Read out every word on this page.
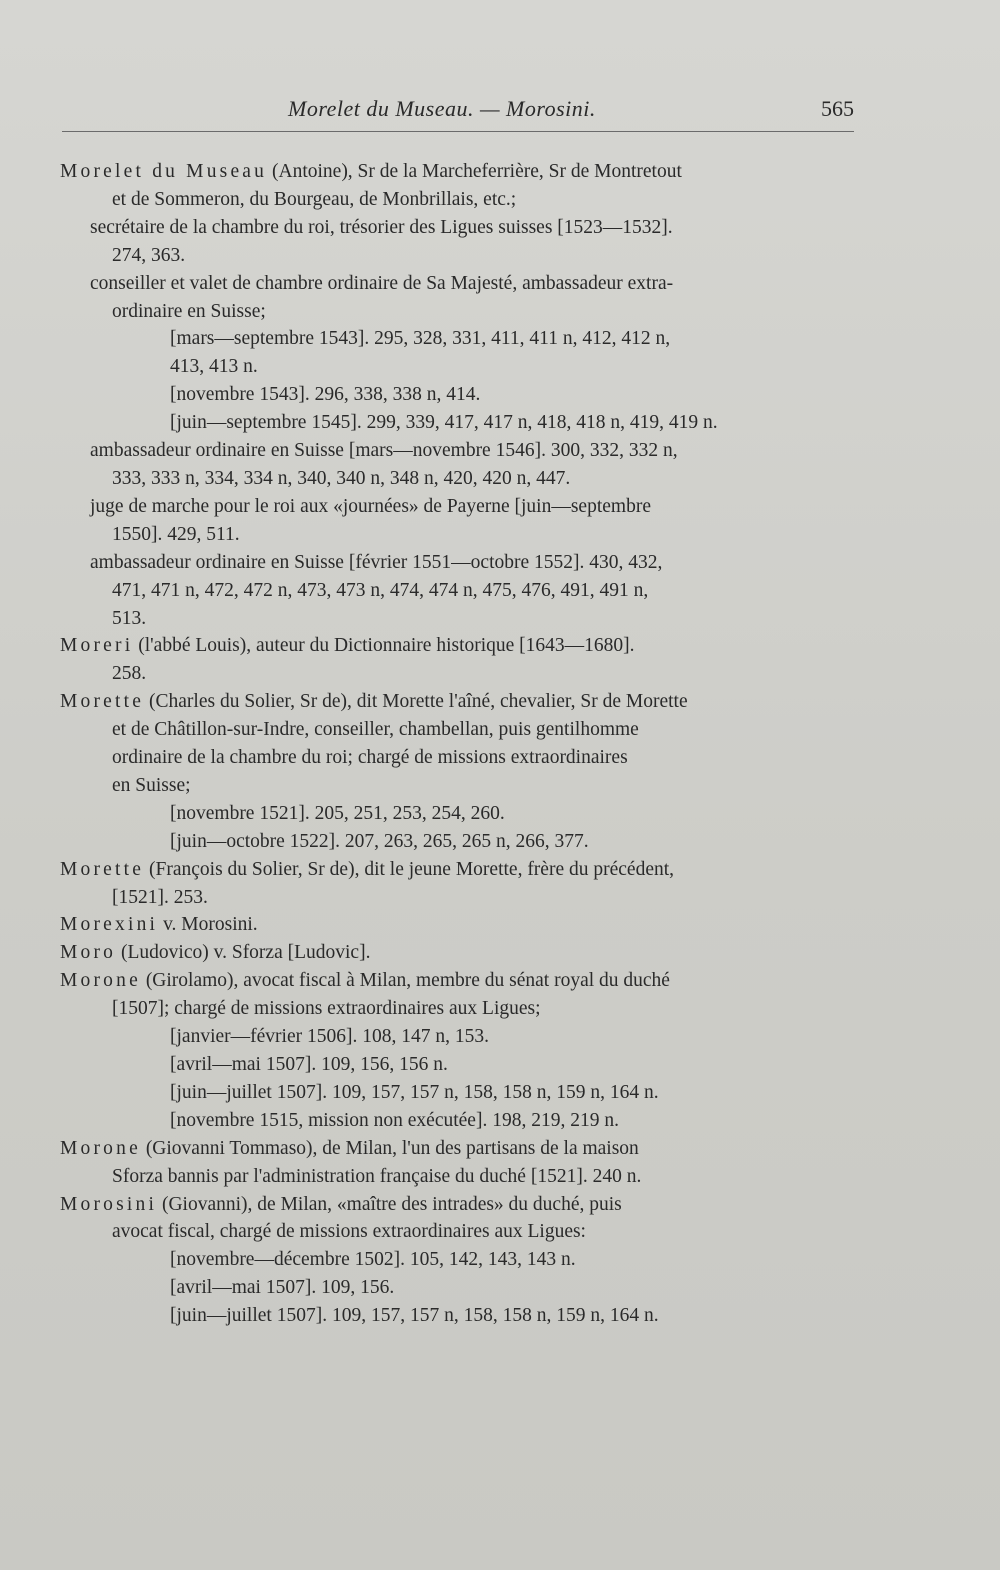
Morelet du Museau. — Morosini.	565
Morelet du Museau (Antoine), Sr de la Marcheferrière, Sr de Montretout
et de Sommeron, du Bourgeau, de Monbrillais, etc.;
secrétaire de la chambre du roi, trésorier des Ligues suisses [1523—1532].
274, 363.
conseiller et valet de chambre ordinaire de Sa Majesté, ambassadeur extra-
ordinaire en Suisse;
[mars—septembre 1543]. 295, 328, 331, 411, 411 n, 412, 412 n,
413, 413 n.
[novembre 1543]. 296, 338, 338 n, 414.
[juin—septembre 1545]. 299, 339, 417, 417 n, 418, 418 n, 419, 419 n.
ambassadeur ordinaire en Suisse [mars—novembre 1546]. 300, 332, 332 n,
333, 333 n, 334, 334 n, 340, 340 n, 348 n, 420, 420 n, 447.
juge de marche pour le roi aux «journées» de Payerne [juin—septembre
1550]. 429, 511.
ambassadeur ordinaire en Suisse [février 1551—octobre 1552]. 430, 432,
471, 471 n, 472, 472 n, 473, 473 n, 474, 474 n, 475, 476, 491, 491 n,
513.
Moreri (l'abbé Louis), auteur du Dictionnaire historique [1643—1680].
258.
Morette (Charles du Solier, Sr de), dit Morette l'aîné, chevalier, Sr de Morette
et de Châtillon-sur-Indre, conseiller, chambellan, puis gentilhomme
ordinaire de la chambre du roi; chargé de missions extraordinaires
en Suisse;
[novembre 1521]. 205, 251, 253, 254, 260.
[juin—octobre 1522]. 207, 263, 265, 265 n, 266, 377.
Morette (François du Solier, Sr de), dit le jeune Morette, frère du précédent,
[1521]. 253.
Morexini v. Morosini.
Moro (Ludovico) v. Sforza [Ludovic].
Morone (Girolamo), avocat fiscal à Milan, membre du sénat royal du duché
[1507]; chargé de missions extraordinaires aux Ligues;
[janvier—février 1506]. 108, 147 n, 153.
[avril—mai 1507]. 109, 156, 156 n.
[juin—juillet 1507]. 109, 157, 157 n, 158, 158 n, 159 n, 164 n.
[novembre 1515, mission non exécutée]. 198, 219, 219 n.
Morone (Giovanni Tommaso), de Milan, l'un des partisans de la maison
Sforza bannis par l'administration française du duché [1521]. 240 n.
Morosini (Giovanni), de Milan, «maître des intrades» du duché, puis
avocat fiscal, chargé de missions extraordinaires aux Ligues:
[novembre—décembre 1502]. 105, 142, 143, 143 n.
[avril—mai 1507]. 109, 156.
[juin—juillet 1507]. 109, 157, 157 n, 158, 158 n, 159 n, 164 n.
